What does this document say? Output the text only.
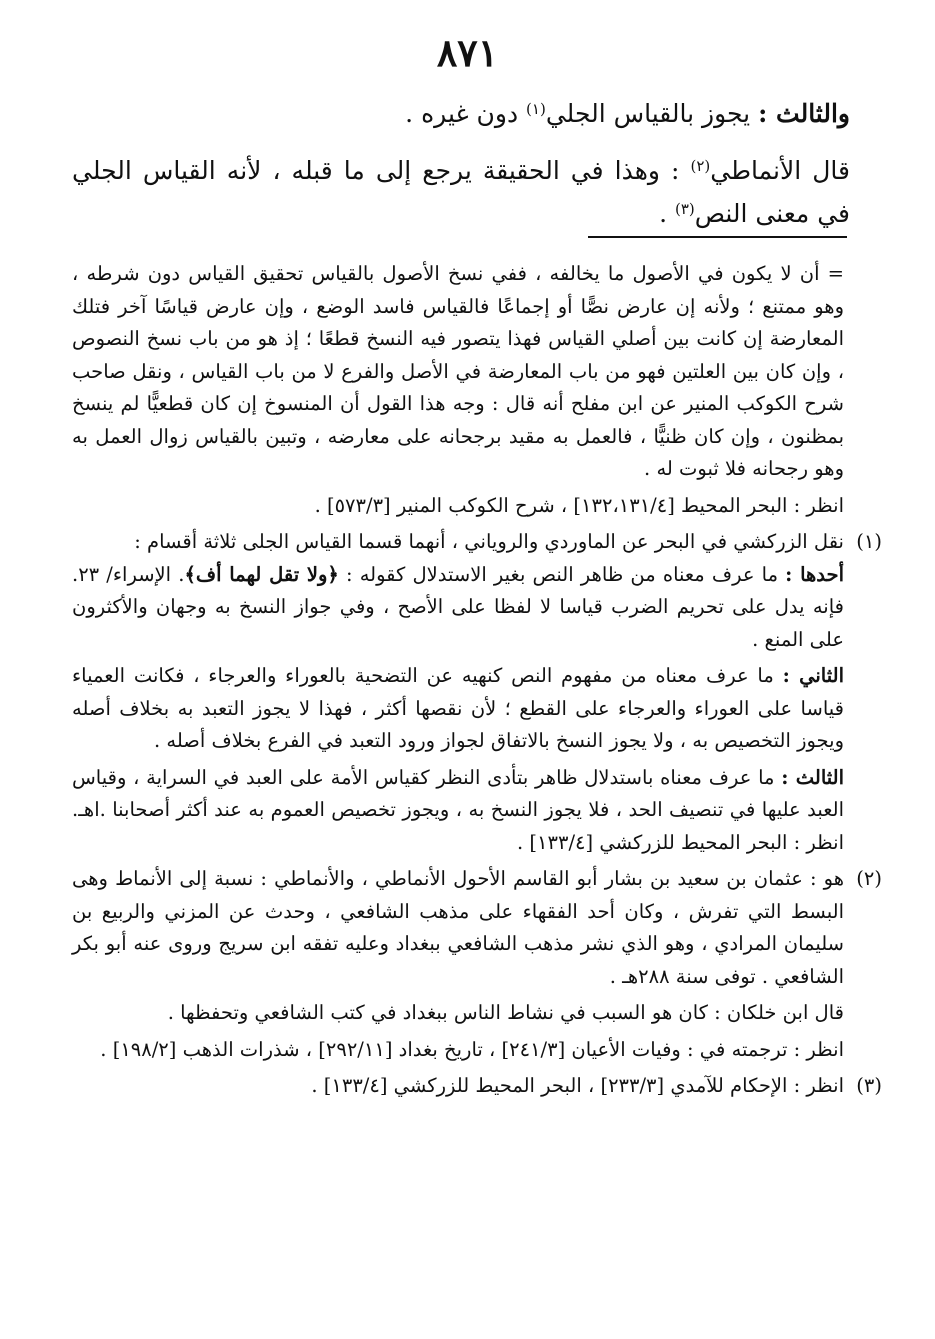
٨٧١

والثالث : يجوز بالقياس الجلي$^{(١)}$ دون غيره .

قال الأنماطي$^{(٢)}$ : وهذا في الحقيقة يرجع إلى ما قبله ، لأنه القياس الجلي في معنى النص$^{(٣)}$ .

= أن لا يكون في الأصول ما يخالفه ، ففي نسخ الأصول بالقياس تحقيق القياس دون شرطه ، وهو ممتنع ؛ ولأنه إن عارض نصًّا أو إجماعًا فالقياس فاسد الوضع ، وإن عارض قياسًا آخر فتلك المعارضة إن كانت بين أصلي القياس فهذا يتصور فيه النسخ قطعًا ؛ إذ هو من باب نسخ النصوص ، وإن كان بين العلتين فهو من باب المعارضة في الأصل والفرع لا من باب القياس ، ونقل صاحب شرح الكوكب المنير عن ابن مفلح أنه قال : وجه هذا القول أن المنسوخ إن كان قطعيًّا لم ينسخ بمظنون ، وإن كان ظنيًّا ، فالعمل به مقيد برجحانه على معارضه ، وتبين بالقياس زوال العمل به وهو رجحانه فلا ثبوت له .

انظر : البحر المحيط [١٣٢،١٣١/٤] ، شرح الكوكب المنير [٥٧٣/٣] .

(١)

نقل الزركشي في البحر عن الماوردي والروياني ، أنهما قسما القياس الجلى ثلاثة أقسام :

أحدها : ما عرف معناه من ظاهر النص بغير الاستدلال كقوله : ﴿ولا تقل لهما أف﴾. الإسراء/ ٢٣. فإنه يدل على تحريم الضرب قياسا لا لفظا على الأصح ، وفي جواز النسخ به وجهان والأكثرون على المنع .

الثاني : ما عرف معناه من مفهوم النص كنهيه عن التضحية بالعوراء والعرجاء ، فكانت العمياء قياسا على العوراء والعرجاء على القطع ؛ لأن نقصها أكثر ، فهذا لا يجوز التعبد به بخلاف أصله ويجوز التخصيص به ، ولا يجوز النسخ بالاتفاق لجواز ورود التعبد في الفرع بخلاف أصله .

الثالث : ما عرف معناه باستدلال ظاهر بتأدى النظر كقياس الأمة على العبد في السراية ، وقياس العبد عليها في تنصيف الحد ، فلا يجوز النسخ به ، ويجوز تخصيص العموم به عند أكثر أصحابنا .اهـ. انظر : البحر المحيط للزركشي [١٣٣/٤] .

(٢)

هو : عثمان بن سعيد بن بشار أبو القاسم الأحول الأنماطي ، والأنماطي : نسبة إلى الأنماط وهى البسط التي تفرش ، وكان أحد الفقهاء على مذهب الشافعي ، وحدث عن المزني والربيع بن سليمان المرادي ، وهو الذي نشر مذهب الشافعي ببغداد وعليه تفقه ابن سريج وروى عنه أبو بكر الشافعي . توفى سنة ٢٨٨هـ .

قال ابن خلكان : كان هو السبب في نشاط الناس ببغداد في كتب الشافعي وتحفظها .

انظر : ترجمته في : وفيات الأعيان [٢٤١/٣] ، تاريخ بغداد [٢٩٢/١١] ، شذرات الذهب [١٩٨/٢] .

(٣)

انظر : الإحكام للآمدي [٢٣٣/٣] ، البحر المحيط للزركشي [١٣٣/٤] .
